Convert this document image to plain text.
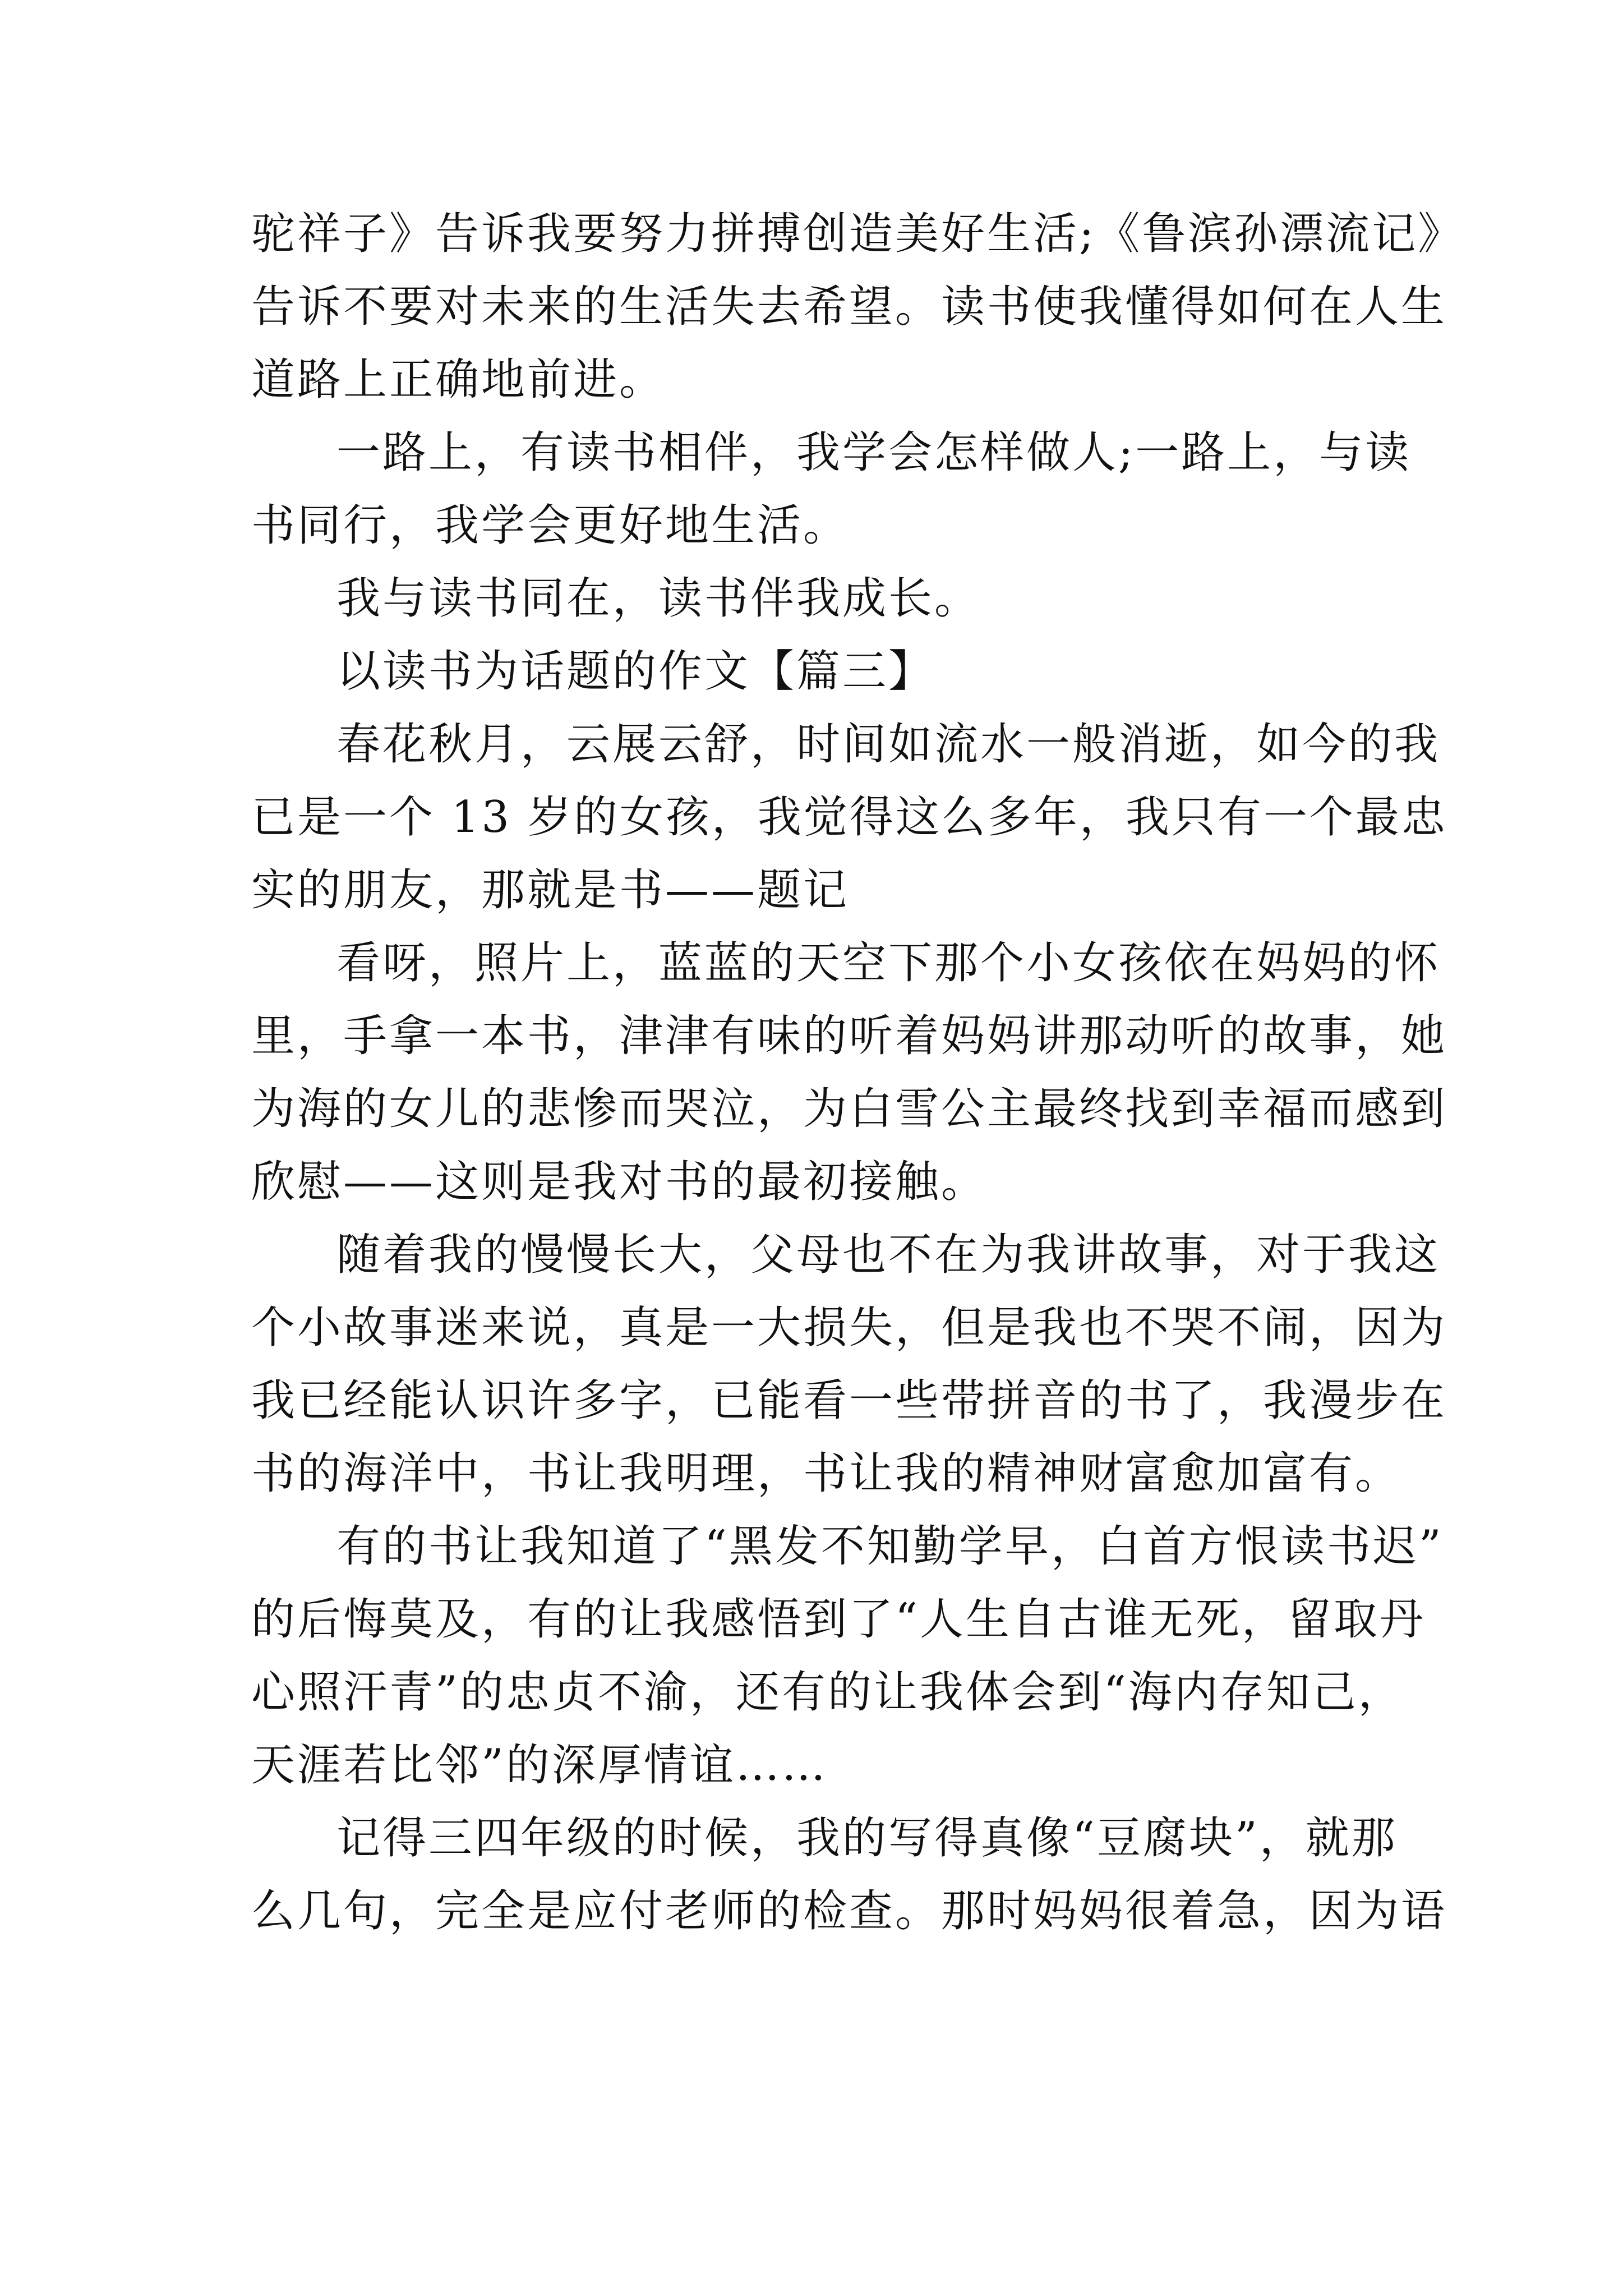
驼祥子》告诉我要努力拼搏创造美好生活;《鲁滨孙漂流记》
告诉不要对未来的生活失去希望。读书使我懂得如何在人生
道路上正确地前进。
一路上，有读书相伴，我学会怎样做人;一路上，与读
书同行，我学会更好地生活。
我与读书同在，读书伴我成长。
以读书为话题的作文【篇三】
春花秋月，云展云舒，时间如流水一般消逝，如今的我
已是一个 13 岁的女孩，我觉得这么多年，我只有一个最忠
实的朋友，那就是书——题记
看呀，照片上，蓝蓝的天空下那个小女孩依在妈妈的怀
里，手拿一本书，津津有味的听着妈妈讲那动听的故事，她
为海的女儿的悲惨而哭泣，为白雪公主最终找到幸福而感到
欣慰——这则是我对书的最初接触。
随着我的慢慢长大，父母也不在为我讲故事，对于我这
个小故事迷来说，真是一大损失，但是我也不哭不闹，因为
我已经能认识许多字，已能看一些带拼音的书了，我漫步在
书的海洋中，书让我明理，书让我的精神财富愈加富有。
有的书让我知道了“黑发不知勤学早，白首方恨读书迟”
的后悔莫及，有的让我感悟到了“人生自古谁无死，留取丹
心照汗青”的忠贞不渝，还有的让我体会到“海内存知己，
天涯若比邻”的深厚情谊……
记得三四年级的时候，我的写得真像“豆腐块”，就那
么几句，完全是应付老师的检查。那时妈妈很着急，因为语
